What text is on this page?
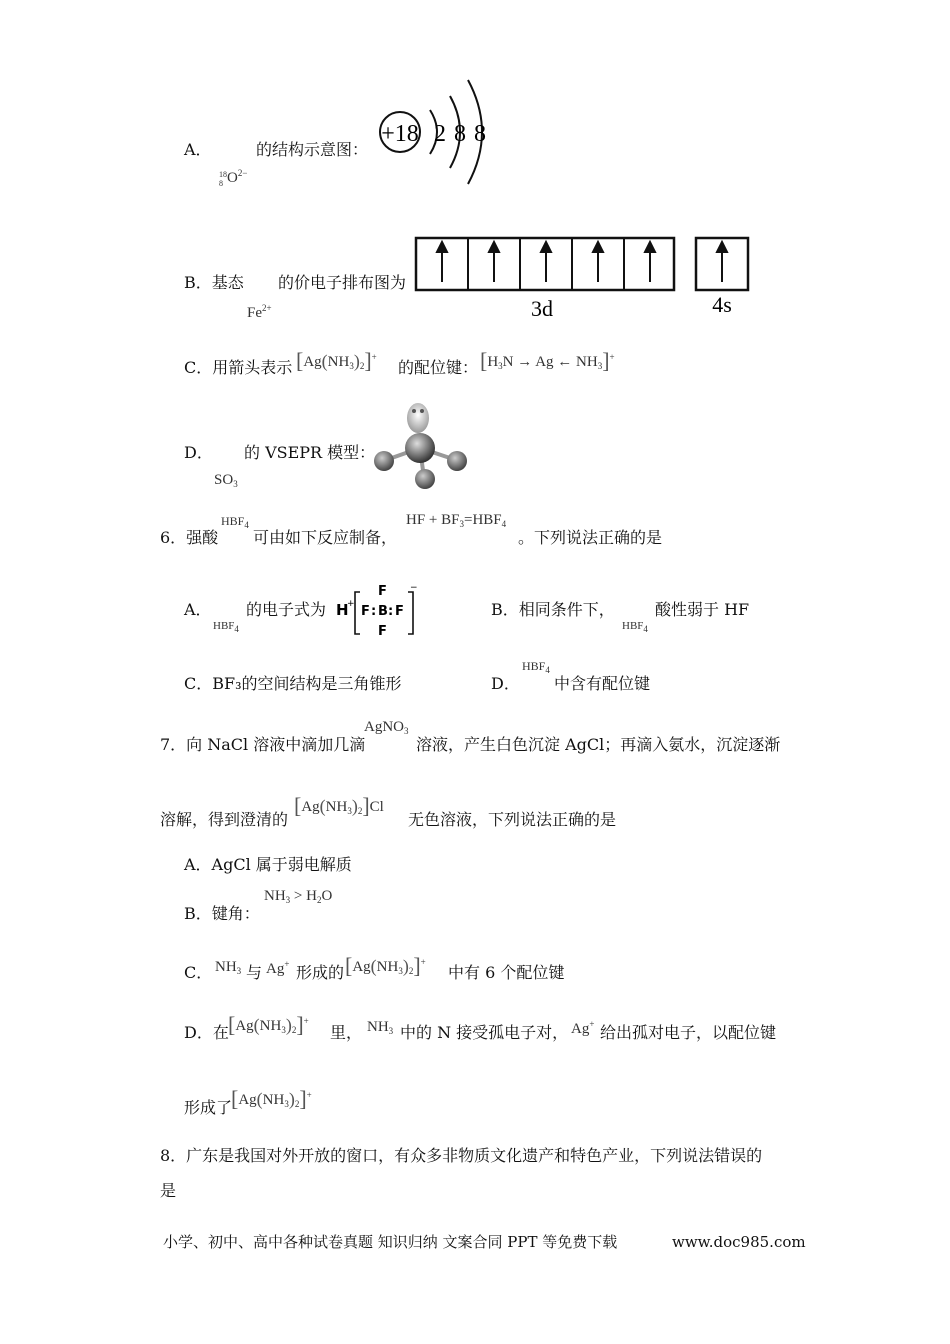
A．	的结构示意图：
18
8 $O^{2-}$
+18 2 8 8
B．基态 的价电子排布图为
$Fe^{2+}$	3d	4s
C．用箭头表示 $[Ag(NH_3)_2]^+$
的配位键： [$H_3N \to Ag$ ← $NH_3]^+$
D． 的 VSEPR 模型：
$SO_3$
6．强酸
$HBF_4$
可由如下反应制备，
HF + $BF_3=HBF_4$
。下列说法正确的是
A． 的电子式为
$HBF_4$
H
+ F : B : F
F
F
−
B．相同条件下，	酸性弱于 HF
$HBF_4$
C．BF₃的空间结构是三角锥形	D．
$HBF_4$
中含有配位键
7．向 NaCl 溶液中滴加几滴
AgNO$_3$
溶液，产生白色沉淀 AgCl；再滴入氨水，沉淀逐渐
溶解，得到澄清的
$[Ag(NH_3)_2]Cl$
无色溶液，下列说法正确的是
A．AgCl 属于弱电解质
B．键角：
$NH_3 > H_2O$
C． $NH_3$ 与 Ag+ 形成的 $[Ag(NH_3)_2]^+$
中有 6 个配位键
D．在 $[Ag(NH_3)_2]^+$
里， $NH_3$ 中的 N 接受孤电子对， Ag+ 给出孤对电子，以配位键
形成了
$[Ag(NH_3)_2]^+$
8．广东是我国对外开放的窗口，有众多非物质文化遗产和特色产业，下列说法错误的
是
小学、初中、高中各种试卷真题 知识归纳 文案合同 PPT 等免费下载	www.doc985.com
